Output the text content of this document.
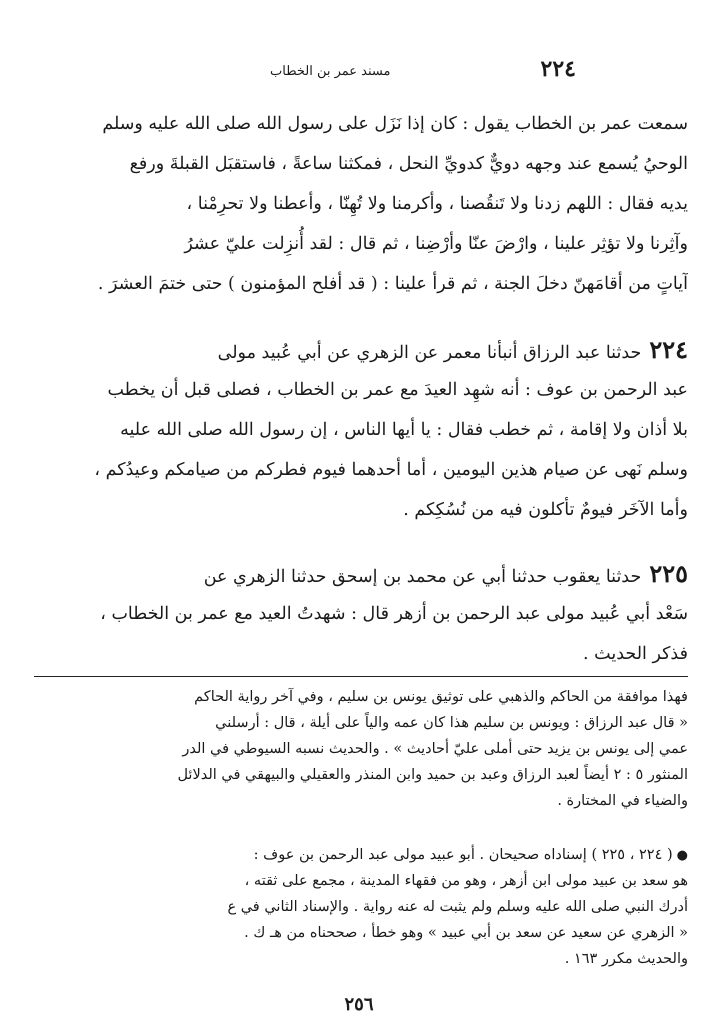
٢٢٤
مسند عمر بن الخطاب
سمعت عمر بن الخطاب يقول : كان إذا نَزَل على رسول الله صلى الله عليه وسلم
الوحيُ يُسمع عند وجهه دويٌّ كدويِّ النحل ، فمكثنا ساعةً ، فاستقبَل القبلةَ ورفع
يديه فقال : اللهم زدنا ولا تَنقُصنا ، وأكرمنا ولا تُهِنّا ، وأعطنا ولا تحرِمْنا ،
وآثِرنا ولا تؤثِر علينا ، وارْضَ عنّا وأرْضِنا ، ثم قال : لقد أُنزِلت عليّ عشرُ
آياتٍ من أقامَهنّ دخلَ الجنة ، ثم قرأ علينا : ( قد أفلح المؤمنون ) حتى ختمَ العشرَ .
٢٢٤حدثنا عبد الرزاق أنبأنا معمر عن الزهري عن أبي عُبيد مولى
عبد الرحمن بن عوف : أنه شهِد العيدَ مع عمر بن الخطاب ، فصلى قبل أن يخطب
بلا أذان ولا إقامة ، ثم خطب فقال : يا أيها الناس ، إن رسول الله صلى الله عليه
وسلم نَهى عن صيام هذين اليومين ، أما أحدهما فيوم فطركم من صيامكم وعيدُكم ،
وأما الآخَر فيومٌ تأكلون فيه من نُسُكِكم .
٢٢٥حدثنا يعقوب حدثنا أبي عن محمد بن إسحق حدثنا الزهري عن
سَعْد أبي عُبيد مولى عبد الرحمن بن أزهر قال : شهدتُ العيد مع عمر بن الخطاب ،
فذكر الحديث .
فهذا موافقة من الحاكم والذهبي على توثيق يونس بن سليم ، وفي آخر رواية الحاكم
« قال عبد الرزاق : ويونس بن سليم هذا كان عمه والياً على أيلة ، قال : أرسلني
عمي إلى يونس بن يزيد حتى أملى عليّ أحاديث » . والحديث نسبه السيوطي في الدر
المنثور ٥ : ٢ أيضاً لعبد الرزاق وعبد بن حميد وابن المنذر والعقيلي والبيهقي في الدلائل
والضياء في المختارة .
●( ٢٢٤ ، ٢٢٥ ) إسناداه صحيحان . أبو عبيد مولى عبد الرحمن بن عوف :
هو سعد بن عبيد مولى ابن أزهر ، وهو من فقهاء المدينة ، مجمع على ثقته ،
أدرك النبي صلى الله عليه وسلم ولم يثبت له عنه رواية . والإسناد الثاني في ع
« الزهري عن سعيد عن سعد بن أبي عبيد » وهو خطأ ، صححناه من هـ ك .
والحديث مكرر ١٦٣ .
٢٥٦
